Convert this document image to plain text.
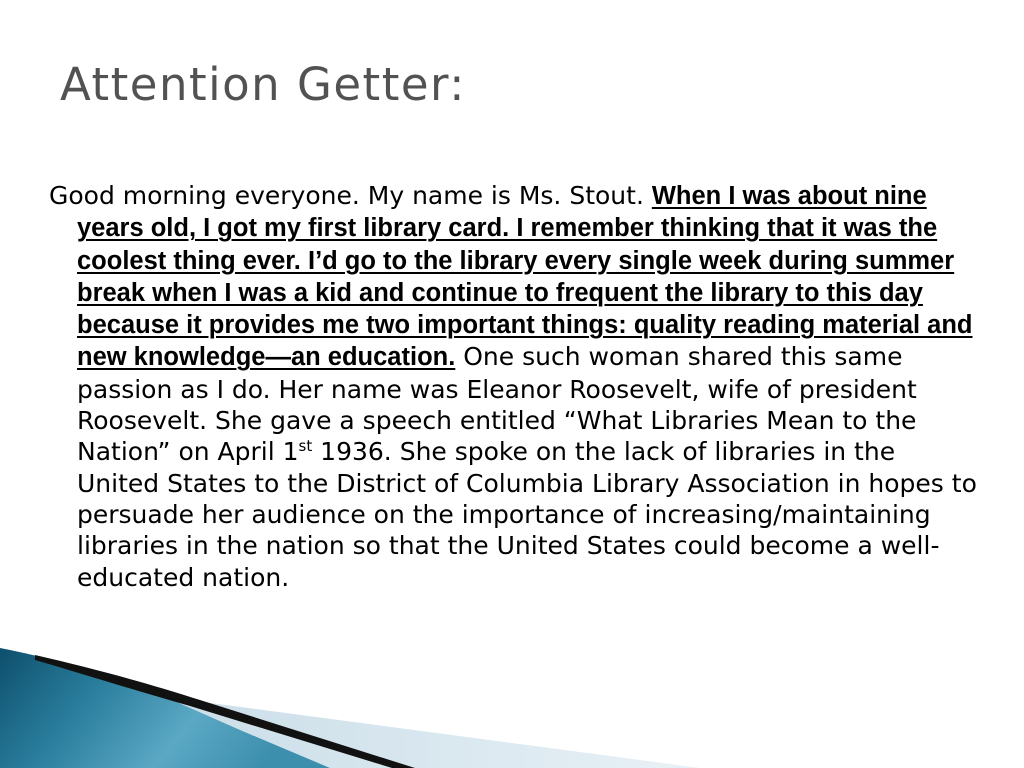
Attention Getter:

Good morning everyone. My name is Ms. Stout. When I was about nine years old, I got my first library card. I remember thinking that it was the coolest thing ever. I’d go to the library every single week during summer break when I was a kid and continue to frequent the library to this day because it provides me two important things: quality reading material and new knowledge—an education. One such woman shared this same passion as I do. Her name was Eleanor Roosevelt, wife of president Roosevelt. She gave a speech entitled “What Libraries Mean to the Nation” on April 1st 1936. She spoke on the lack of libraries in the United States to the District of Columbia Library Association in hopes to persuade her audience on the importance of increasing/maintaining libraries in the nation so that the United States could become a well-educated nation.
